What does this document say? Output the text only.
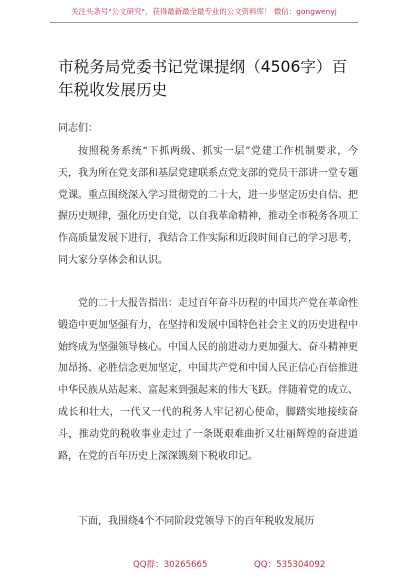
关注头条号"公文研究"，获得最新最全最专业的公文资料库！ 微信：gongwenyj
市税务局党委书记党课提纲（4506字）百年税收发展历史

同志们：

按照税务系统“下抓两级、抓实一层”党建工作机制要求，今天，我为所在党支部和基层党建联系点党支部的党员干部讲一堂专题党课。重点围绕深入学习贯彻党的二十大，进一步坚定历史自信、把握历史规律，强化历史自觉，以自我革命精神，推动全市税务各项工作高质量发展下进行，我结合工作实际和近段时间自己的学习思考，同大家分享体会和认识。

党的二十大报告指出：走过百年奋斗历程的中国共产党在革命性锻造中更加坚强有力，在坚持和发展中国特色社会主义的历史进程中始终成为坚强领导核心。中国人民的前进动力更加强大、奋斗精神更加昂扬、必胜信念更加坚定，中国共产党和中国人民正信心百倍推进中华民族从站起来、富起来到强起来的伟大飞跃。伴随着党的成立、成长和壮大，一代又一代的税务人牢记初心使命，脚踏实地接续奋斗，推动党的税收事业走过了一条既艰难曲折又壮丽辉煌的奋进道路，在党的百年历史上深深镌刻下税收印记。

下面，我围绕4个不同阶段党领导下的百年税收发展历

QQ群：30265665	QQ：535304092
